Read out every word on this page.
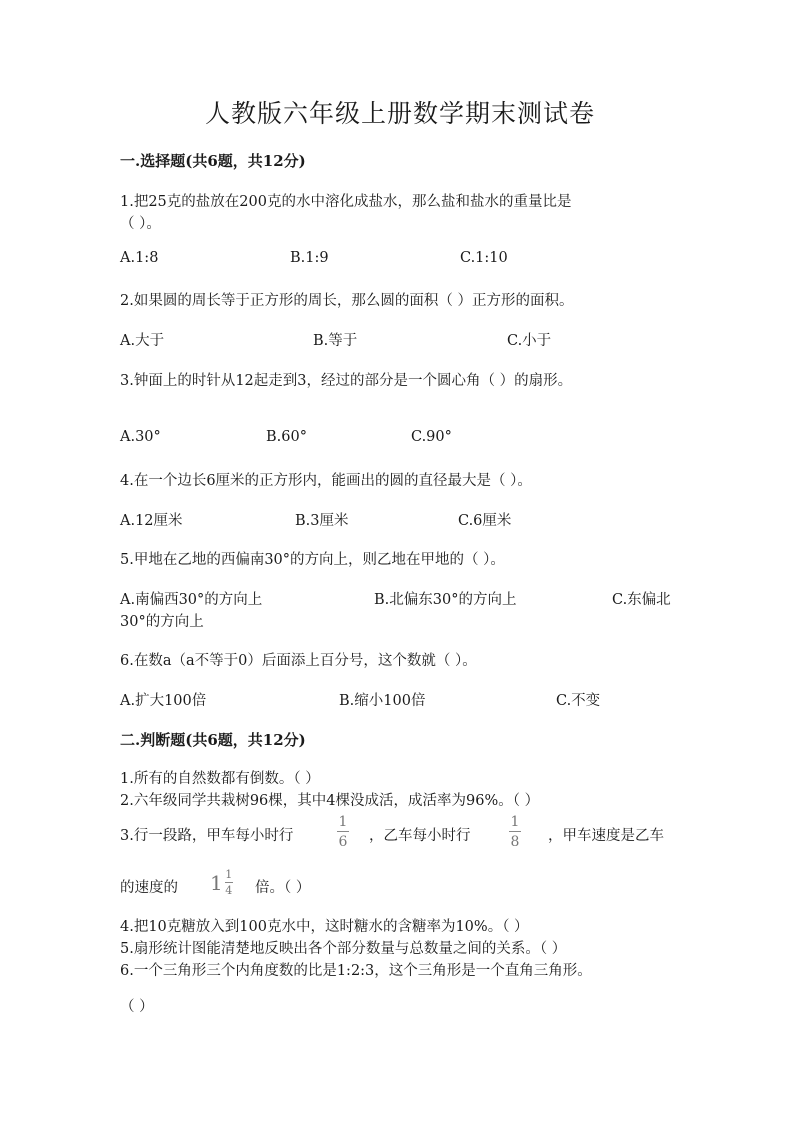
人教版六年级上册数学期末测试卷
一.选择题(共6题，共12分)
1.把25克的盐放在200克的水中溶化成盐水，那么盐和盐水的重量比是
（ ）。
A.1:8	B.1:9	C.1:10
2.如果圆的周长等于正方形的周长，那么圆的面积（ ）正方形的面积。
A.大于	B.等于	C.小于
3.钟面上的时针从12起走到3，经过的部分是一个圆心角（ ）的扇形。
A.30°	B.60°	C.90°
4.在一个边长6厘米的正方形内，能画出的圆的直径最大是（ ）。
A.12厘米	B.3厘米	C.6厘米
5.甲地在乙地的西偏南30°的方向上，则乙地在甲地的（ ）。
A.南偏西30°的方向上	B.北偏东30°的方向上	C.东偏北
30°的方向上
6.在数a（a不等于0）后面添上百分号，这个数就（ ）。
A.扩大100倍	B.缩小100倍	C.不变
二.判断题(共6题，共12分)
1.所有的自然数都有倒数。（ ）
2.六年级同学共栽树96棵，其中4棵没成活，成活率为96%。（ ）
3.行一段路，甲车每小时行
1
6 ，乙车每小时行
1
8 ，甲车速度是乙车
的速度的 $1 \frac{1}{4}$ 倍。（ ）
4.把10克糖放入到100克水中，这时糖水的含糖率为10%。（ ）
5.扇形统计图能清楚地反映出各个部分数量与总数量之间的关系。（ ）
6.一个三角形三个内角度数的比是1:2:3，这个三角形是一个直角三角形。
（ ）
